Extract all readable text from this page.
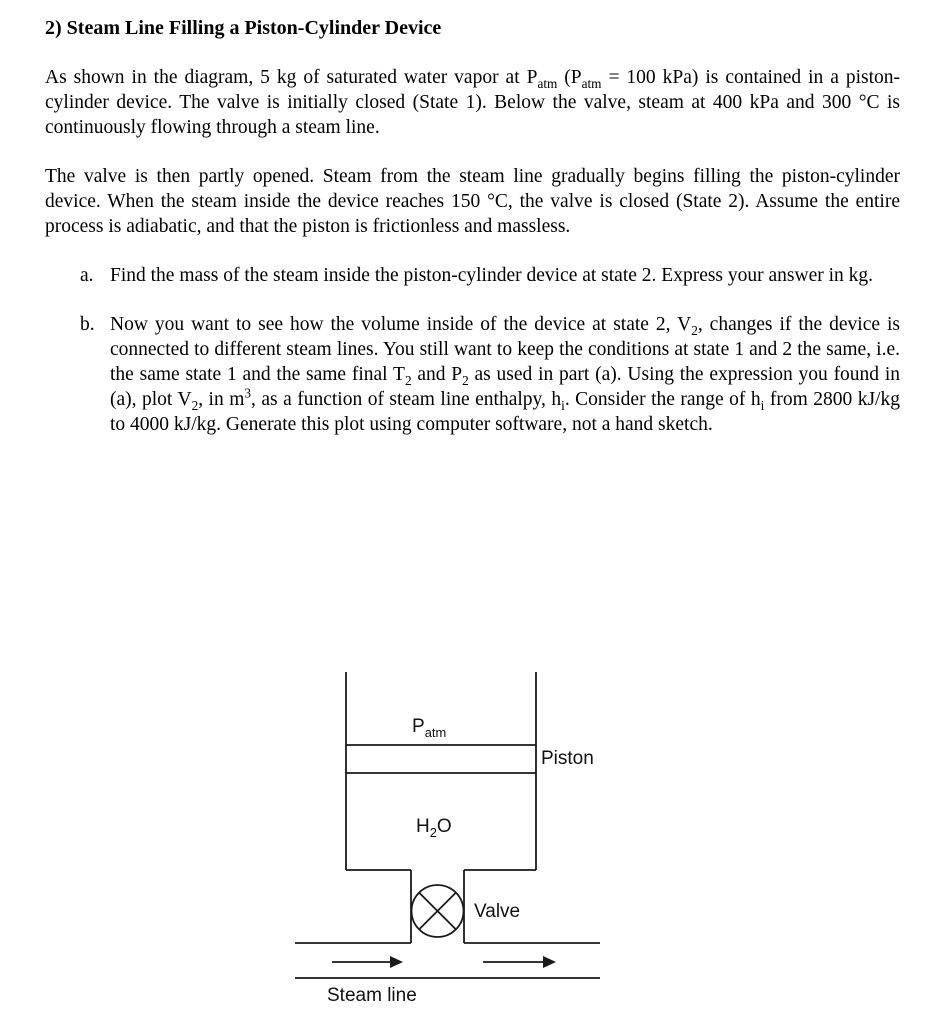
2) Steam Line Filling a Piston-Cylinder Device

As shown in the diagram, 5 kg of saturated water vapor at $P_{atm}$ ($P_{atm} = 100$ kPa) is contained in a piston-cylinder device. The valve is initially closed (State 1). Below the valve, steam at 400 kPa and 300 °C is continuously flowing through a steam line.

The valve is then partly opened. Steam from the steam line gradually begins filling the piston-cylinder device. When the steam inside the device reaches 150 °C, the valve is closed (State 2). Assume the entire process is adiabatic, and that the piston is frictionless and massless.

a. Find the mass of the steam inside the piston-cylinder device at state 2. Express your answer in kg.
b. Now you want to see how the volume inside of the device at state 2, $V_2$, changes if the device is connected to different steam lines. You still want to keep the conditions at state 1 and 2 the same, i.e. the same state 1 and the same final $T_2$ and $P_2$ as used in part (a). Using the expression you found in (a), plot $V_2$, in $m^3$, as a function of steam line enthalpy, $h_i$. Consider the range of $h_i$ from 2800 kJ/kg to 4000 kJ/kg. Generate this plot using computer software, not a hand sketch.
$P_{atm}$
Piston
$H_2O$
Valve
Steam line
